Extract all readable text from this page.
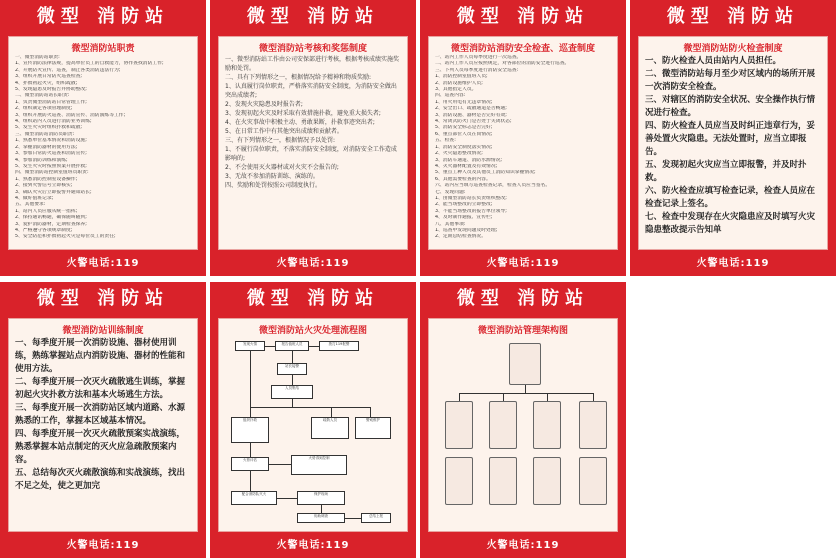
微型 消防站
微型消防站职责
一、微型消防站职责:
1、宣传消防法律法规，提高单位员工的自救能力，协作查找消防工作;
2、开展防火宣传、巡查，制止各类消防违法行为;
3、组织开展日常防火巡查检查;
4、扑救初起火灾，组织疏散;
5、发现隐患及时报告并协助整改;
二、微型消防站站长职责:
1、负责微型消防站日常管理工作;
2、组织制定各项管理制度;
3、组织开展防火巡查、消防宣传、消防演练等工作;
4、组织站内人员进行消防业务训练;
5、发生火灾时组织扑救和疏散;
三、微型消防站消防员职责:
1、熟悉单位基本情况和消防设施;
2、掌握消防器材的使用方法;
3、参加日常防火巡查和消防宣传;
4、参加消防训练和演练;
5、发生火灾时按照预案开展扑救;
四、微型消防站控制室值班员职责:
1、熟悉消防控制室设备操作;
2、接到火警信号立即核实;
3、确认火灾后立即报警并通知站长;
4、做好值班记录;
五、其他要求:
1、站内人员应服从统一指挥;
2、保持通讯畅通，确保随叫随到;
3、爱护消防器材，定期检查保养;
4、严格遵守各项规章制度;
5、安全防范和扑救初起火灾是每位员工的责任;
火警电话:119
微型 消防站
微型消防站考核和奖惩制度
一、微型消防站工作由公司安保部进行考核，根据考核成绩实施奖励和处罚。
二、具有下列情形之一，根据情况给予精神和物质奖励:
1、认真履行岗位职责，严格落实消防安全制度，为消防安全做出突出成绩者;
2、发现火灾隐患及时报告者;
3、发现初起火灾及时采取有效措施扑救，避免重大损失者;
4、在火灾事故中积极主动、勇敢果断，扑救事迹突出者;
5、在日常工作中有其他突出成绩和贡献者。
三、有下列情形之一，根据情况予以处罚:
1、不履行岗位职责，不落实消防安全制度，对消防安全工作造成影响的;
2、不会使用灭火器材或对火灾不会报告的;
3、无故不参加消防训练、演练的。
四、奖励和处罚按照公司制度执行。
火警电话:119
微型 消防站
微型消防站消防安全检查、巡查制度
一、站内工作人员每季度进行一次巡查。
二、站内工作人员应按照规定，对各部位的消防安全进行巡查。
三、下列人员每季度进行消防安全巡查:
1、消防控制室值班人员;
2、消防设施维护人员;
3、其他指定人员。
四、巡查内容:
1、用火用电有无违章情况;
2、安全出口、疏散通道是否畅通;
3、消防设施、器材是否完好有效;
4、常闭式防火门是否处于关闭状态;
5、消防安全标志是否完好;
6、重点部位人员在岗情况;
五、检查:
1、消防安全制度落实情况;
2、火灾隐患整改情况;
3、消防车通道、消防水源情况;
4、灭火器材配置及有效情况;
5、重点工种人员及其他员工消防知识掌握情况;
6、其他需要检查的内容。
六、站内应当填写巡查检查记录，检查人员应当签名。
七、发现问题:
1、由微型消防站长负责组织整改;
2、能当场整改的立即整改;
3、不能当场整改的报告单位领导;
4、及时制作通报、宣传栏;
八、其他事项:
1、巡查中发现问题及时处理;
2、定期总结检查情况。
火警电话:119
微型 消防站
微型消防站防火检查制度
一、防火检查人员由站内人员担任。
二、微型消防站每月至少对区域内的场所开展一次消防安全检查。
三、对辖区的消防安全状况、安全操作执行情况进行检查。
四、防火检查人员应当及时纠正违章行为，妥善处置火灾隐患。无法处置时，应当立即报告。
五、发现初起火灾应当立即报警，并及时扑救。
六、防火检查应填写检查记录，检查人员应在检查记录上签名。
七、检查中发现存在火灾隐患应及时填写火灾隐患整改提示告知单
火警电话:119
微型 消防站
微型消防站训练制度
一、每季度开展一次消防设施、器材使用训练，熟练掌握站点内消防设施、器材的性能和使用方法。
二、每季度开展一次灭火疏散逃生训练，掌握初起火灾扑救方法和基本火场逃生方法。
三、每季度开展一次消防站区域内道路、水源熟悉的工作，掌握本区域基本情况。
四、每季度开展一次灭火疏散预案实战演练，熟悉掌握本站点制定的灭火应急疏散预案内容。
五、总结每次灭火疏散演练和实战演练，找出不足之处，使之更加完
火警电话:119
微型 消防站
微型消防站火灾处理流程图
发现火情	报告值班人员	拨打119报警
站长接警
人员集结
组织扑救	疏散人员	警戒维护
火势评估	火势得到控制
配合消防队灭火	保护现场
协助调查	总结上报
火警电话:119
微型 消防站
微型消防站管理架构图
火警电话:119
